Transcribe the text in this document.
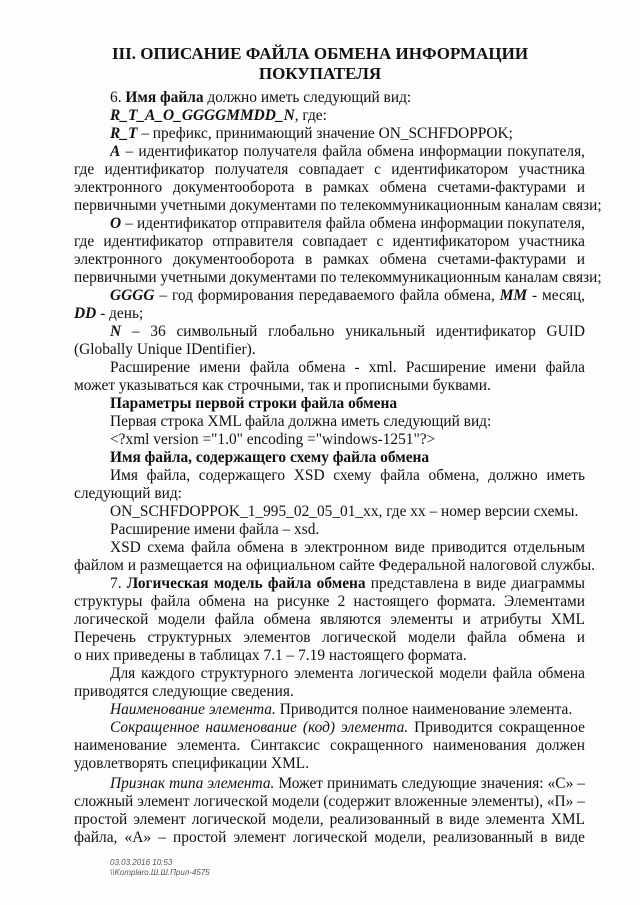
III. ОПИСАНИЕ ФАЙЛА ОБМЕНА ИНФОРМАЦИИ
ПОКУПАТЕЛЯ
6. Имя файла должно иметь следующий вид:
R_T_A_O_GGGGMMDD_N, где:
R_T – префикс, принимающий значение ON_SCHFDOPPOK;
A – идентификатор получателя файла обмена информации покупателя,
где идентификатор получателя совпадает с идентификатором участника
электронного документооборота в рамках обмена счетами-фактурами и
первичными учетными документами по телекоммуникационным каналам связи;
O – идентификатор отправителя файла обмена информации покупателя,
где идентификатор отправителя совпадает с идентификатором участника
электронного документооборота в рамках обмена счетами-фактурами и
первичными учетными документами по телекоммуникационным каналам связи;
GGGG – год формирования передаваемого файла обмена, MM - месяц,
DD - день;
N – 36 символьный глобально уникальный идентификатор GUID
(Globally Unique IDentifier).
Расширение имени файла обмена - xml. Расширение имени файла
может указываться как строчными, так и прописными буквами.
Параметры первой строки файла обмена
Первая строка XML файла должна иметь следующий вид:
<?xml version ="1.0" encoding ="windows-1251"?>
Имя файла, содержащего схему файла обмена
Имя файла, содержащего XSD схему файла обмена, должно иметь
следующий вид:
ON_SCHFDOPPOK_1_995_02_05_01_xx, где xx – номер версии схемы.
Расширение имени файла – xsd.
XSD схема файла обмена в электронном виде приводится отдельным
файлом и размещается на официальном сайте Федеральной налоговой службы.
7. Логическая модель файла обмена представлена в виде диаграммы
структуры файла обмена на рисунке 2 настоящего формата. Элементами
логической модели файла обмена являются элементы и атрибуты XML
Перечень структурных элементов логической модели файла обмена и
о них приведены в таблицах 7.1 – 7.19 настоящего формата.
Для каждого структурного элемента логической модели файла обмена
приводятся следующие сведения.
Наименование элемента. Приводится полное наименование элемента.
Сокращенное наименование (код) элемента. Приводится сокращенное
наименование элемента. Синтаксис сокращенного наименования должен
удовлетворять спецификации XML.
Признак типа элемента. Может принимать следующие значения: «С» –
сложный элемент логической модели (содержит вложенные элементы), «П» –
простой элемент логической модели, реализованный в виде элемента XML
файла, «А» – простой элемент логической модели, реализованный в виде
03.03.2016 10:53
\\Komplaro.Ш.Ш.Прил-4575
